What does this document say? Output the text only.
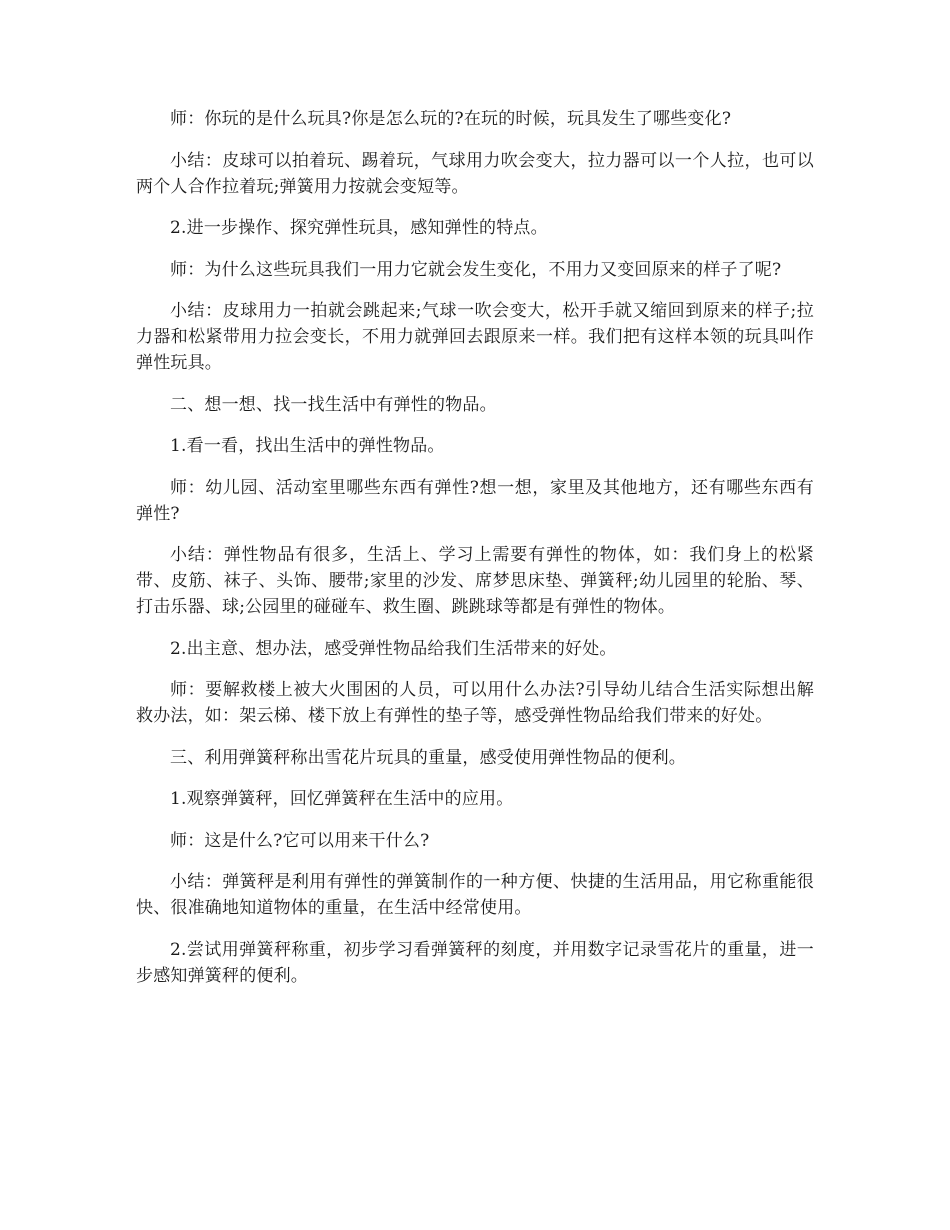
师：你玩的是什么玩具?你是怎么玩的?在玩的时候，玩具发生了哪些变化?

小结：皮球可以拍着玩、踢着玩，气球用力吹会变大，拉力器可以一个人拉，也可以两个人合作拉着玩;弹簧用力按就会变短等。

2.进一步操作、探究弹性玩具，感知弹性的特点。

师：为什么这些玩具我们一用力它就会发生变化，不用力又变回原来的样子了呢?

小结：皮球用力一拍就会跳起来;气球一吹会变大，松开手就又缩回到原来的样子;拉力器和松紧带用力拉会变长，不用力就弹回去跟原来一样。我们把有这样本领的玩具叫作弹性玩具。

二、想一想、找一找生活中有弹性的物品。

1.看一看，找出生活中的弹性物品。

师：幼儿园、活动室里哪些东西有弹性?想一想，家里及其他地方，还有哪些东西有弹性?

小结：弹性物品有很多，生活上、学习上需要有弹性的物体，如：我们身上的松紧带、皮筋、袜子、头饰、腰带;家里的沙发、席梦思床垫、弹簧秤;幼儿园里的轮胎、琴、打击乐器、球;公园里的碰碰车、救生圈、跳跳球等都是有弹性的物体。

2.出主意、想办法，感受弹性物品给我们生活带来的好处。

师：要解救楼上被大火围困的人员，可以用什么办法?引导幼儿结合生活实际想出解救办法，如：架云梯、楼下放上有弹性的垫子等，感受弹性物品给我们带来的好处。

三、利用弹簧秤称出雪花片玩具的重量，感受使用弹性物品的便利。

1.观察弹簧秤，回忆弹簧秤在生活中的应用。

师：这是什么?它可以用来干什么?

小结：弹簧秤是利用有弹性的弹簧制作的一种方便、快捷的生活用品，用它称重能很快、很准确地知道物体的重量，在生活中经常使用。

2.尝试用弹簧秤称重，初步学习看弹簧秤的刻度，并用数字记录雪花片的重量，进一步感知弹簧秤的便利。
